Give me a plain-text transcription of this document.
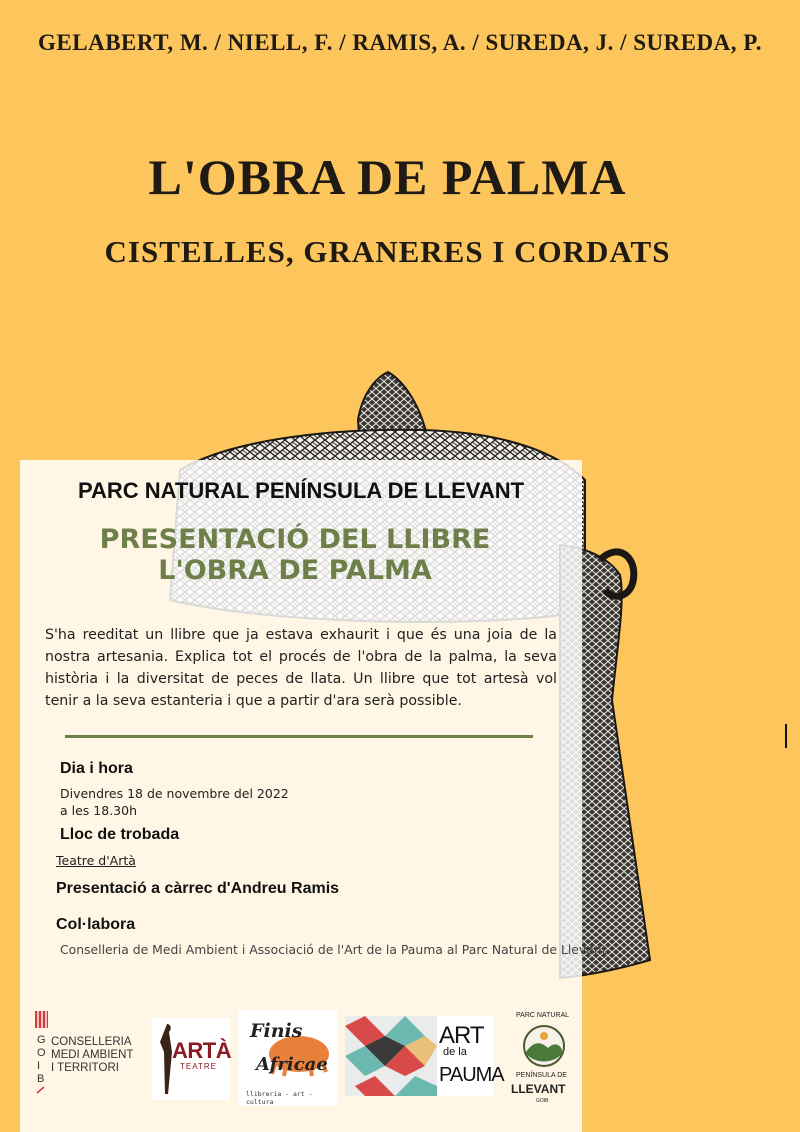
GELABERT, M. / NIELL, F. / RAMIS, A. / SUREDA, J. / SUREDA, P.
L'OBRA DE PALMA
CISTELLES, GRANERES I CORDATS
PARC NATURAL PENÍNSULA DE LLEVANT
PRESENTACIÓ DEL LLIBRE
L'OBRA DE PALMA
S'ha reeditat un llibre que ja estava exhaurit i que és una joia de la nostra artesania. Explica tot el procés de l'obra de la palma, la seva història i la diversitat de peces de llata. Un llibre que tot artesà vol tenir a la seva estanteria i que a partir d'ara serà possible.
Dia i hora
Divendres 18 de novembre del 2022
a les 18.30h
Lloc de trobada
Teatre d'Artà
Presentació a càrrec d'Andreu Ramis
Col·labora
Conselleria de Medi Ambient i Associació de l'Art de la Pauma al Parc Natural de Llevant
G
O
I
B
CONSELLERIA
MEDI AMBIENT
I TERRITORI
ARTÀ
TEATRE
Finis
Africae
llibreria - art - cultura
ART
de la
PAUMA
PARC NATURAL
PENÍNSULA DE
LLEVANT
GOIB
